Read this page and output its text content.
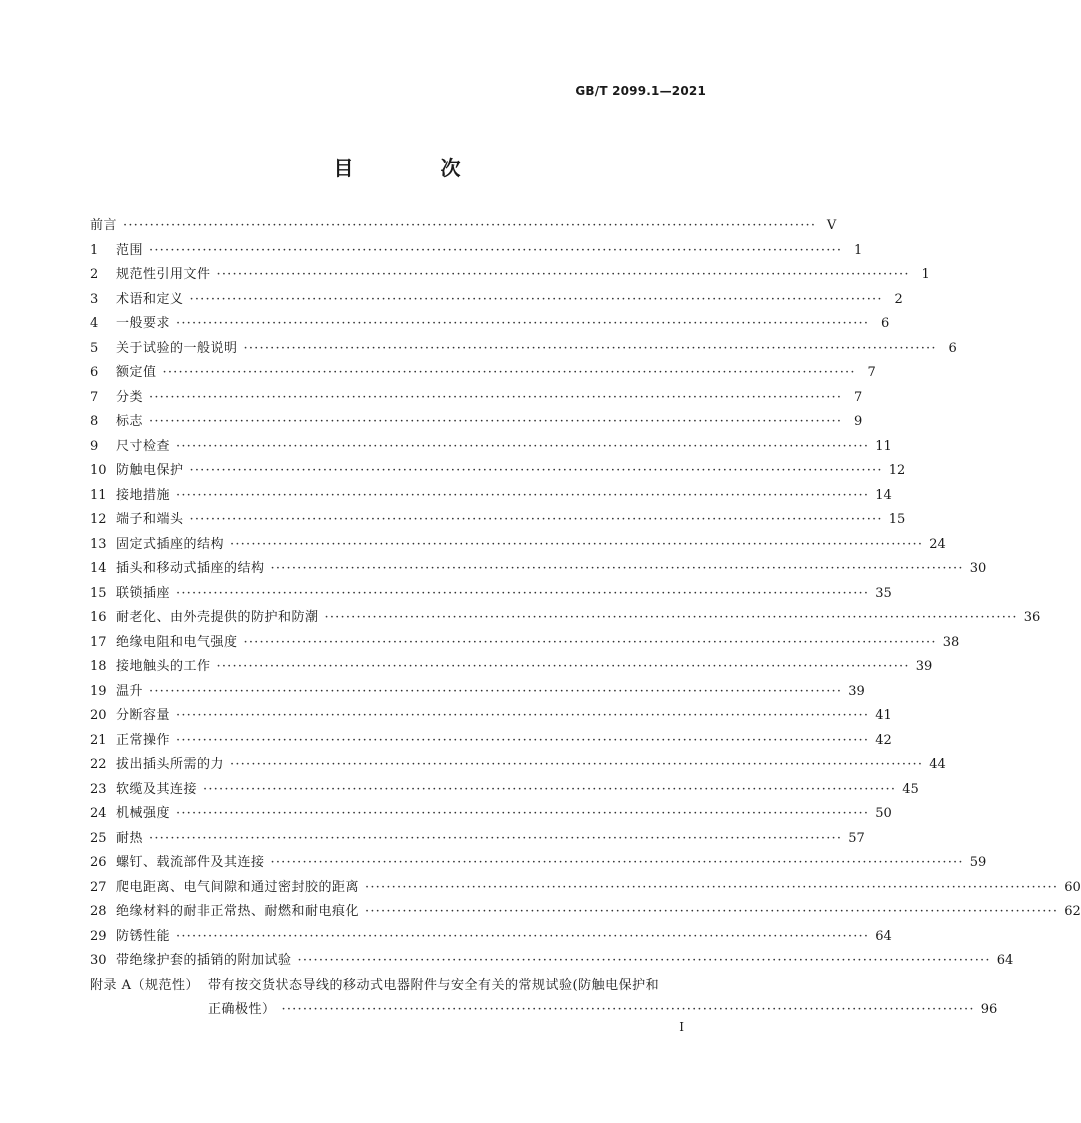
GB/T 2099.1—2021
目 次
前言 ·································································································································· V
1	范围 ·································································································································· 1
2	规范性引用文件 ·································································································································· 1
3	术语和定义 ·································································································································· 2
4	一般要求 ·································································································································· 6
5	关于试验的一般说明 ·································································································································· 6
6	额定值 ·································································································································· 7
7	分类 ·································································································································· 7
8	标志 ·································································································································· 9
9	尺寸检查 ·································································································································· 11
10 防触电保护 ·································································································································· 12
11 接地措施 ·································································································································· 14
12 端子和端头 ·································································································································· 15
13 固定式插座的结构 ·································································································································· 24
14 插头和移动式插座的结构 ·································································································································· 30
15 联锁插座 ·································································································································· 35
16 耐老化、由外壳提供的防护和防潮 ·································································································································· 36
17 绝缘电阻和电气强度 ·································································································································· 38
18 接地触头的工作 ·································································································································· 39
19 温升 ·································································································································· 39
20 分断容量 ·································································································································· 41
21 正常操作 ·································································································································· 42
22 拔出插头所需的力 ·································································································································· 44
23 软缆及其连接 ·································································································································· 45
24 机械强度 ·································································································································· 50
25 耐热 ·································································································································· 57
26 螺钉、载流部件及其连接 ·································································································································· 59
27 爬电距离、电气间隙和通过密封胶的距离 ·································································································································· 60
28 绝缘材料的耐非正常热、耐燃和耐电痕化 ·································································································································· 62
29 防锈性能 ·································································································································· 64
30 带绝缘护套的插销的附加试验 ·································································································································· 64
附录 A（规范性） 带有按交货状态导线的移动式电器附件与安全有关的常规试验(防触电保护和
正确极性） ·································································································································· 96
I
